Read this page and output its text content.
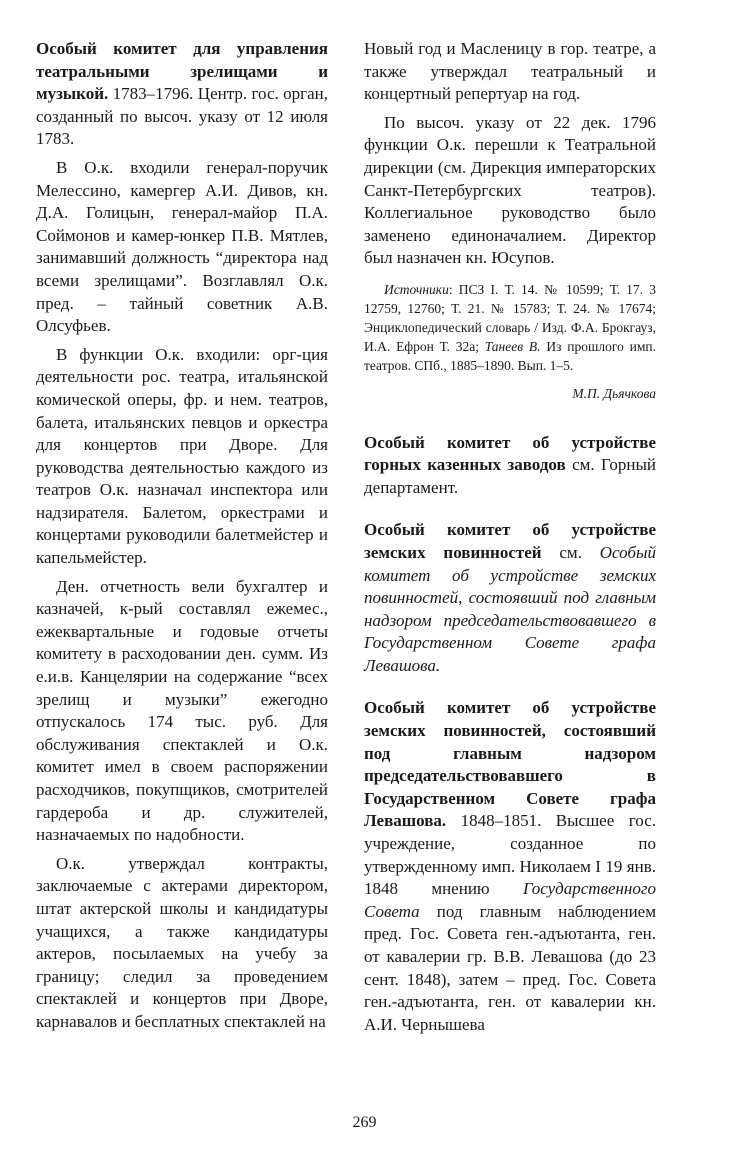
Особый комитет для управления театральными зрелищами и музыкой. 1783–1796. Центр. гос. орган, созданный по высоч. указу от 12 июля 1783.

В О.к. входили генерал-поручик Мелессино, камергер А.И. Дивов, кн. Д.А. Голицын, генерал-майор П.А. Соймонов и камер-юнкер П.В. Мятлев, занимавший должность “директора над всеми зрелищами”. Возглавлял О.к. пред. – тайный советник А.В. Олсуфьев.

В функции О.к. входили: орг-ция деятельности рос. театра, итальянской комической оперы, фр. и нем. театров, балета, итальянских певцов и оркестра для концертов при Дворе. Для руководства деятельностью каждого из театров О.к. назначал инспектора или надзирателя. Балетом, оркестрами и концертами руководили балетмейстер и капельмейстер.

Ден. отчетность вели бухгалтер и казначей, к-рый составлял ежемес., ежеквартальные и годовые отчеты комитету в расходовании ден. сумм. Из е.и.в. Канцелярии на содержание “всех зрелищ и музыки” ежегодно отпускалось 174 тыс. руб. Для обслуживания спектаклей и О.к. комитет имел в своем распоряжении расходчиков, покупщиков, смотрителей гардероба и др. служителей, назначаемых по надобности.

О.к. утверждал контракты, заключаемые с актерами директором, штат актерской школы и кандидатуры учащихся, а также кандидатуры актеров, посылаемых на учебу за границу; следил за проведением спектаклей и концертов при Дворе, карнавалов и бесплатных спектаклей на

Новый год и Масленицу в гор. театре, а также утверждал театральный и концертный репертуар на год.

По высоч. указу от 22 дек. 1796 функции О.к. перешли к Театральной дирекции (см. Дирекция императорских Санкт-Петербургских театров). Коллегиальное руководство было заменено единоначалием. Директор был назначен кн. Юсупов.

Источники: ПСЗ I. Т. 14. № 10599; Т. 17. 3 12759, 12760; Т. 21. № 15783; Т. 24. № 17674; Энциклопедический словарь / Изд. Ф.А. Брокгауз, И.А. Ефрон Т. 32а; Танеев В. Из прошлого имп. театров. СПб., 1885–1890. Вып. 1–5.

М.П. Дьячкова

Особый комитет об устройстве горных казенных заводов см. Горный департамент.

Особый комитет об устройстве земских повинностей см. Особый комитет об устройстве земских повинностей, состоявший под главным надзором председательствовавшего в Государственном Совете графа Левашова.

Особый комитет об устройстве земских повинностей, состоявший под главным надзором председательствовавшего в Государственном Совете графа Левашова. 1848–1851. Высшее гос. учреждение, созданное по утвержденному имп. Николаем I 19 янв. 1848 мнению Государственного Совета под главным наблюдением пред. Гос. Совета ген.-адъютанта, ген. от кавалерии гр. В.В. Левашова (до 23 сент. 1848), затем – пред. Гос. Совета ген.-адъютанта, ген. от кавалерии кн. А.И. Чернышева

269
